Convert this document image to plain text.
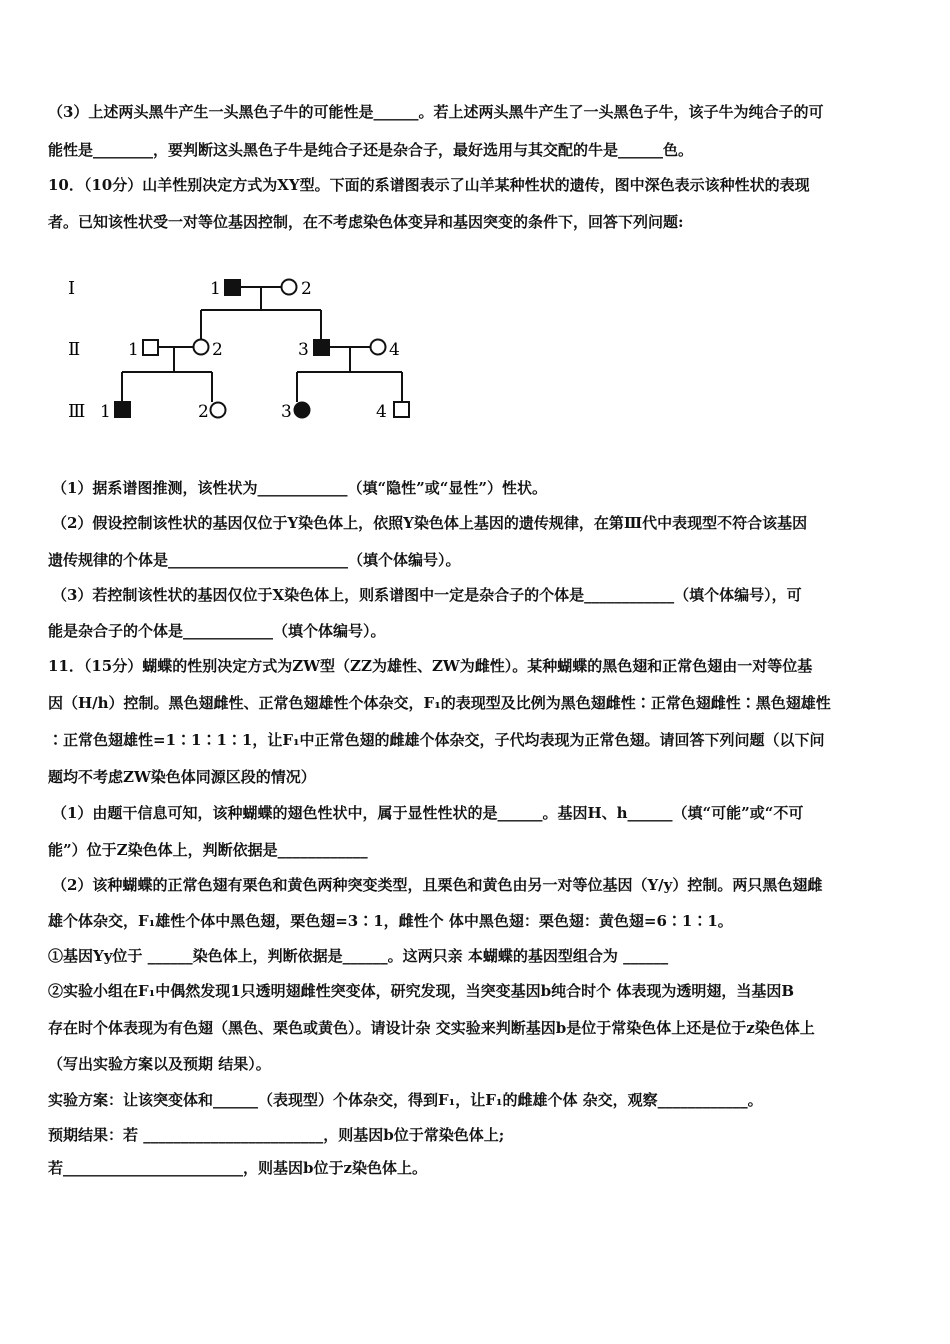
（3）上述两头黑牛产生一头黑色子牛的可能性是______。若上述两头黑牛产生了一头黑色子牛，该子牛为纯合子的可
能性是________，要判断这头黑色子牛是纯合子还是杂合子，最好选用与其交配的牛是______色。
10．（10分）山羊性别决定方式为XY型。下面的系谱图表示了山羊某种性状的遗传，图中深色表示该种性状的表现
者。已知该性状受一对等位基因控制，在不考虑染色体变异和基因突变的条件下，回答下列问题:
Ⅰ
Ⅱ
Ⅲ
1	2
1	2	3	4
1	2	3	4
（1）据系谱图推测，该性状为____________（填“隐性”或“显性”）性状。
（2）假设控制该性状的基因仅位于Y染色体上，依照Y染色体上基因的遗传规律，在第Ⅲ代中表现型不符合该基因
遗传规律的个体是________________________（填个体编号）。
（3）若控制该性状的基因仅位于X染色体上，则系谱图中一定是杂合子的个体是____________（填个体编号），可
能是杂合子的个体是____________（填个体编号）。
11．（15分）蝴蝶的性别决定方式为ZW型（ZZ为雄性、ZW为雌性）。某种蝴蝶的黑色翅和正常色翅由一对等位基
因（H/h）控制。黑色翅雌性、正常色翅雄性个体杂交，F₁的表现型及比例为黑色翅雌性∶正常色翅雌性∶黑色翅雄性
∶正常色翅雄性=1∶1∶1∶1，让F₁中正常色翅的雌雄个体杂交，子代均表现为正常色翅。请回答下列问题（以下问
题均不考虑ZW染色体同源区段的情况）
（1）由题干信息可知，该种蝴蝶的翅色性状中，属于显性性状的是______。基因H、h______（填“可能”或“不可
能”）位于Z染色体上，判断依据是____________
（2）该种蝴蝶的正常色翅有栗色和黄色两种突变类型，且栗色和黄色由另一对等位基因（Y/y）控制。两只黑色翅雌
雄个体杂交，F₁雄性个体中黑色翅，栗色翅=3∶1，雌性个 体中黑色翅：栗色翅：黄色翅=6∶1∶1。
①基因Yy位于 ______染色体上，判断依据是______。这两只亲 本蝴蝶的基因型组合为 ______
②实验小组在F₁中偶然发现1只透明翅雌性突变体，研究发现，当突变基因b纯合时个 体表现为透明翅，当基因B
存在时个体表现为有色翅（黑色、栗色或黄色）。请设计杂 交实验来判断基因b是位于常染色体上还是位于z染色体上
（写出实验方案以及预期 结果）。
实验方案：让该突变体和______（表现型）个体杂交，得到F₁，让F₁的雌雄个体 杂交，观察____________。
预期结果：若 ________________________，则基因b位于常染色体上;
若________________________，则基因b位于z染色体上。
